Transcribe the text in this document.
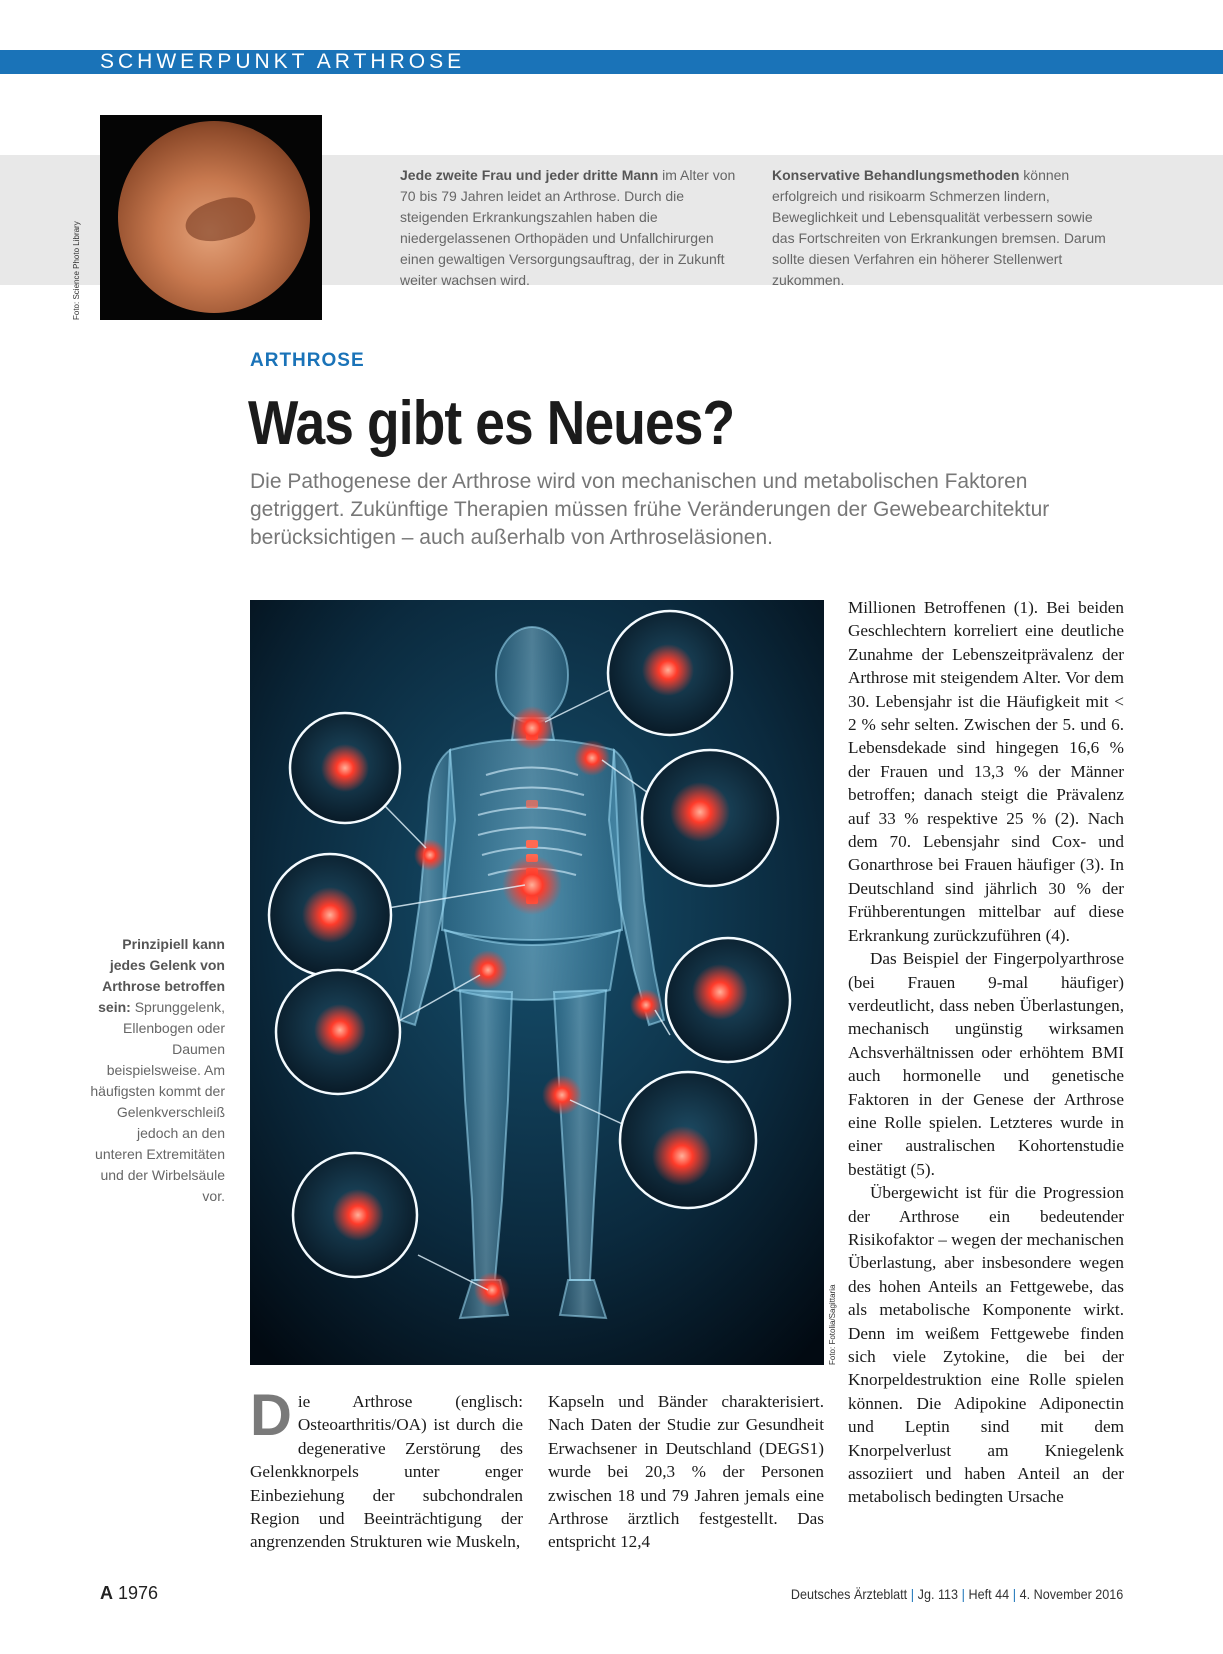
SCHWERPUNKT ARTHROSE
Foto: Science Photo Library
Jede zweite Frau und jeder dritte Mann im Alter von 70 bis 79 Jahren leidet an Arthrose. Durch die steigenden Erkrankungszahlen haben die niedergelassenen Orthopäden und Unfallchirurgen einen gewaltigen Versorgungsauftrag, der in Zukunft weiter wachsen wird.
Konservative Behandlungsmethoden können erfolgreich und risikoarm Schmerzen lindern, Beweglichkeit und Lebensqualität verbessern sowie das Fortschreiten von Erkrankungen bremsen. Darum sollte diesen Verfahren ein höherer Stellenwert zukommen.
ARTHROSE
Was gibt es Neues?
Die Pathogenese der Arthrose wird von mechanischen und metabolischen Faktoren getriggert. Zukünftige Therapien müssen frühe Veränderungen der Gewebearchitektur berücksichtigen – auch außerhalb von Arthroseläsionen.
Prinzipiell kann jedes Gelenk von Arthrose betroffen sein: Sprunggelenk, Ellenbogen oder Daumen beispielsweise. Am häufigsten kommt der Gelenkverschleiß jedoch an den unteren Extremitäten und der Wirbelsäule vor.
Foto: Fotolia/Sagittaria

Die Arthrose (englisch: Osteoarthritis/OA) ist durch die degenerative Zerstörung des Gelenkknorpels unter enger Einbeziehung der subchondralen Region und Beeinträchtigung der angrenzenden Strukturen wie Muskeln,

Kapseln und Bänder charakterisiert. Nach Daten der Studie zur Gesundheit Erwachsener in Deutschland (DEGS1) wurde bei 20,3 % der Personen zwischen 18 und 79 Jahren jemals eine Arthrose ärztlich festgestellt. Das entspricht 12,4

Millionen Betroffenen (1). Bei beiden Geschlechtern korreliert eine deutliche Zunahme der Lebenszeitprävalenz der Arthrose mit steigendem Alter. Vor dem 30. Lebensjahr ist die Häufigkeit mit < 2 % sehr selten. Zwischen der 5. und 6. Lebensdekade sind hingegen 16,6 % der Frauen und 13,3 % der Männer betroffen; danach steigt die Prävalenz auf 33 % respektive 25 % (2). Nach dem 70. Lebensjahr sind Cox- und Gonarthrose bei Frauen häufiger (3). In Deutschland sind jährlich 30 % der Frühberentungen mittelbar auf diese Erkrankung zurückzuführen (4).

Das Beispiel der Fingerpolyarthrose (bei Frauen 9-mal häufiger) verdeutlicht, dass neben Überlastungen, mechanisch ungünstig wirksamen Achsverhältnissen oder erhöhtem BMI auch hormonelle und genetische Faktoren in der Genese der Arthrose eine Rolle spielen. Letzteres wurde in einer australischen Kohortenstudie bestätigt (5).

Übergewicht ist für die Progression der Arthrose ein bedeutender Risikofaktor – wegen der mechanischen Überlastung, aber insbesondere wegen des hohen Anteils an Fettgewebe, das als metabolische Komponente wirkt. Denn im weißem Fettgewebe finden sich viele Zytokine, die bei der Knorpeldestruktion eine Rolle spielen können. Die Adipokine Adiponectin und Leptin sind mit dem Knorpelverlust am Kniegelenk assoziiert und haben Anteil an der metabolisch bedingten Ursache

A 1976	Deutsches Ärzteblatt | Jg. 113 | Heft 44 | 4. November 2016
